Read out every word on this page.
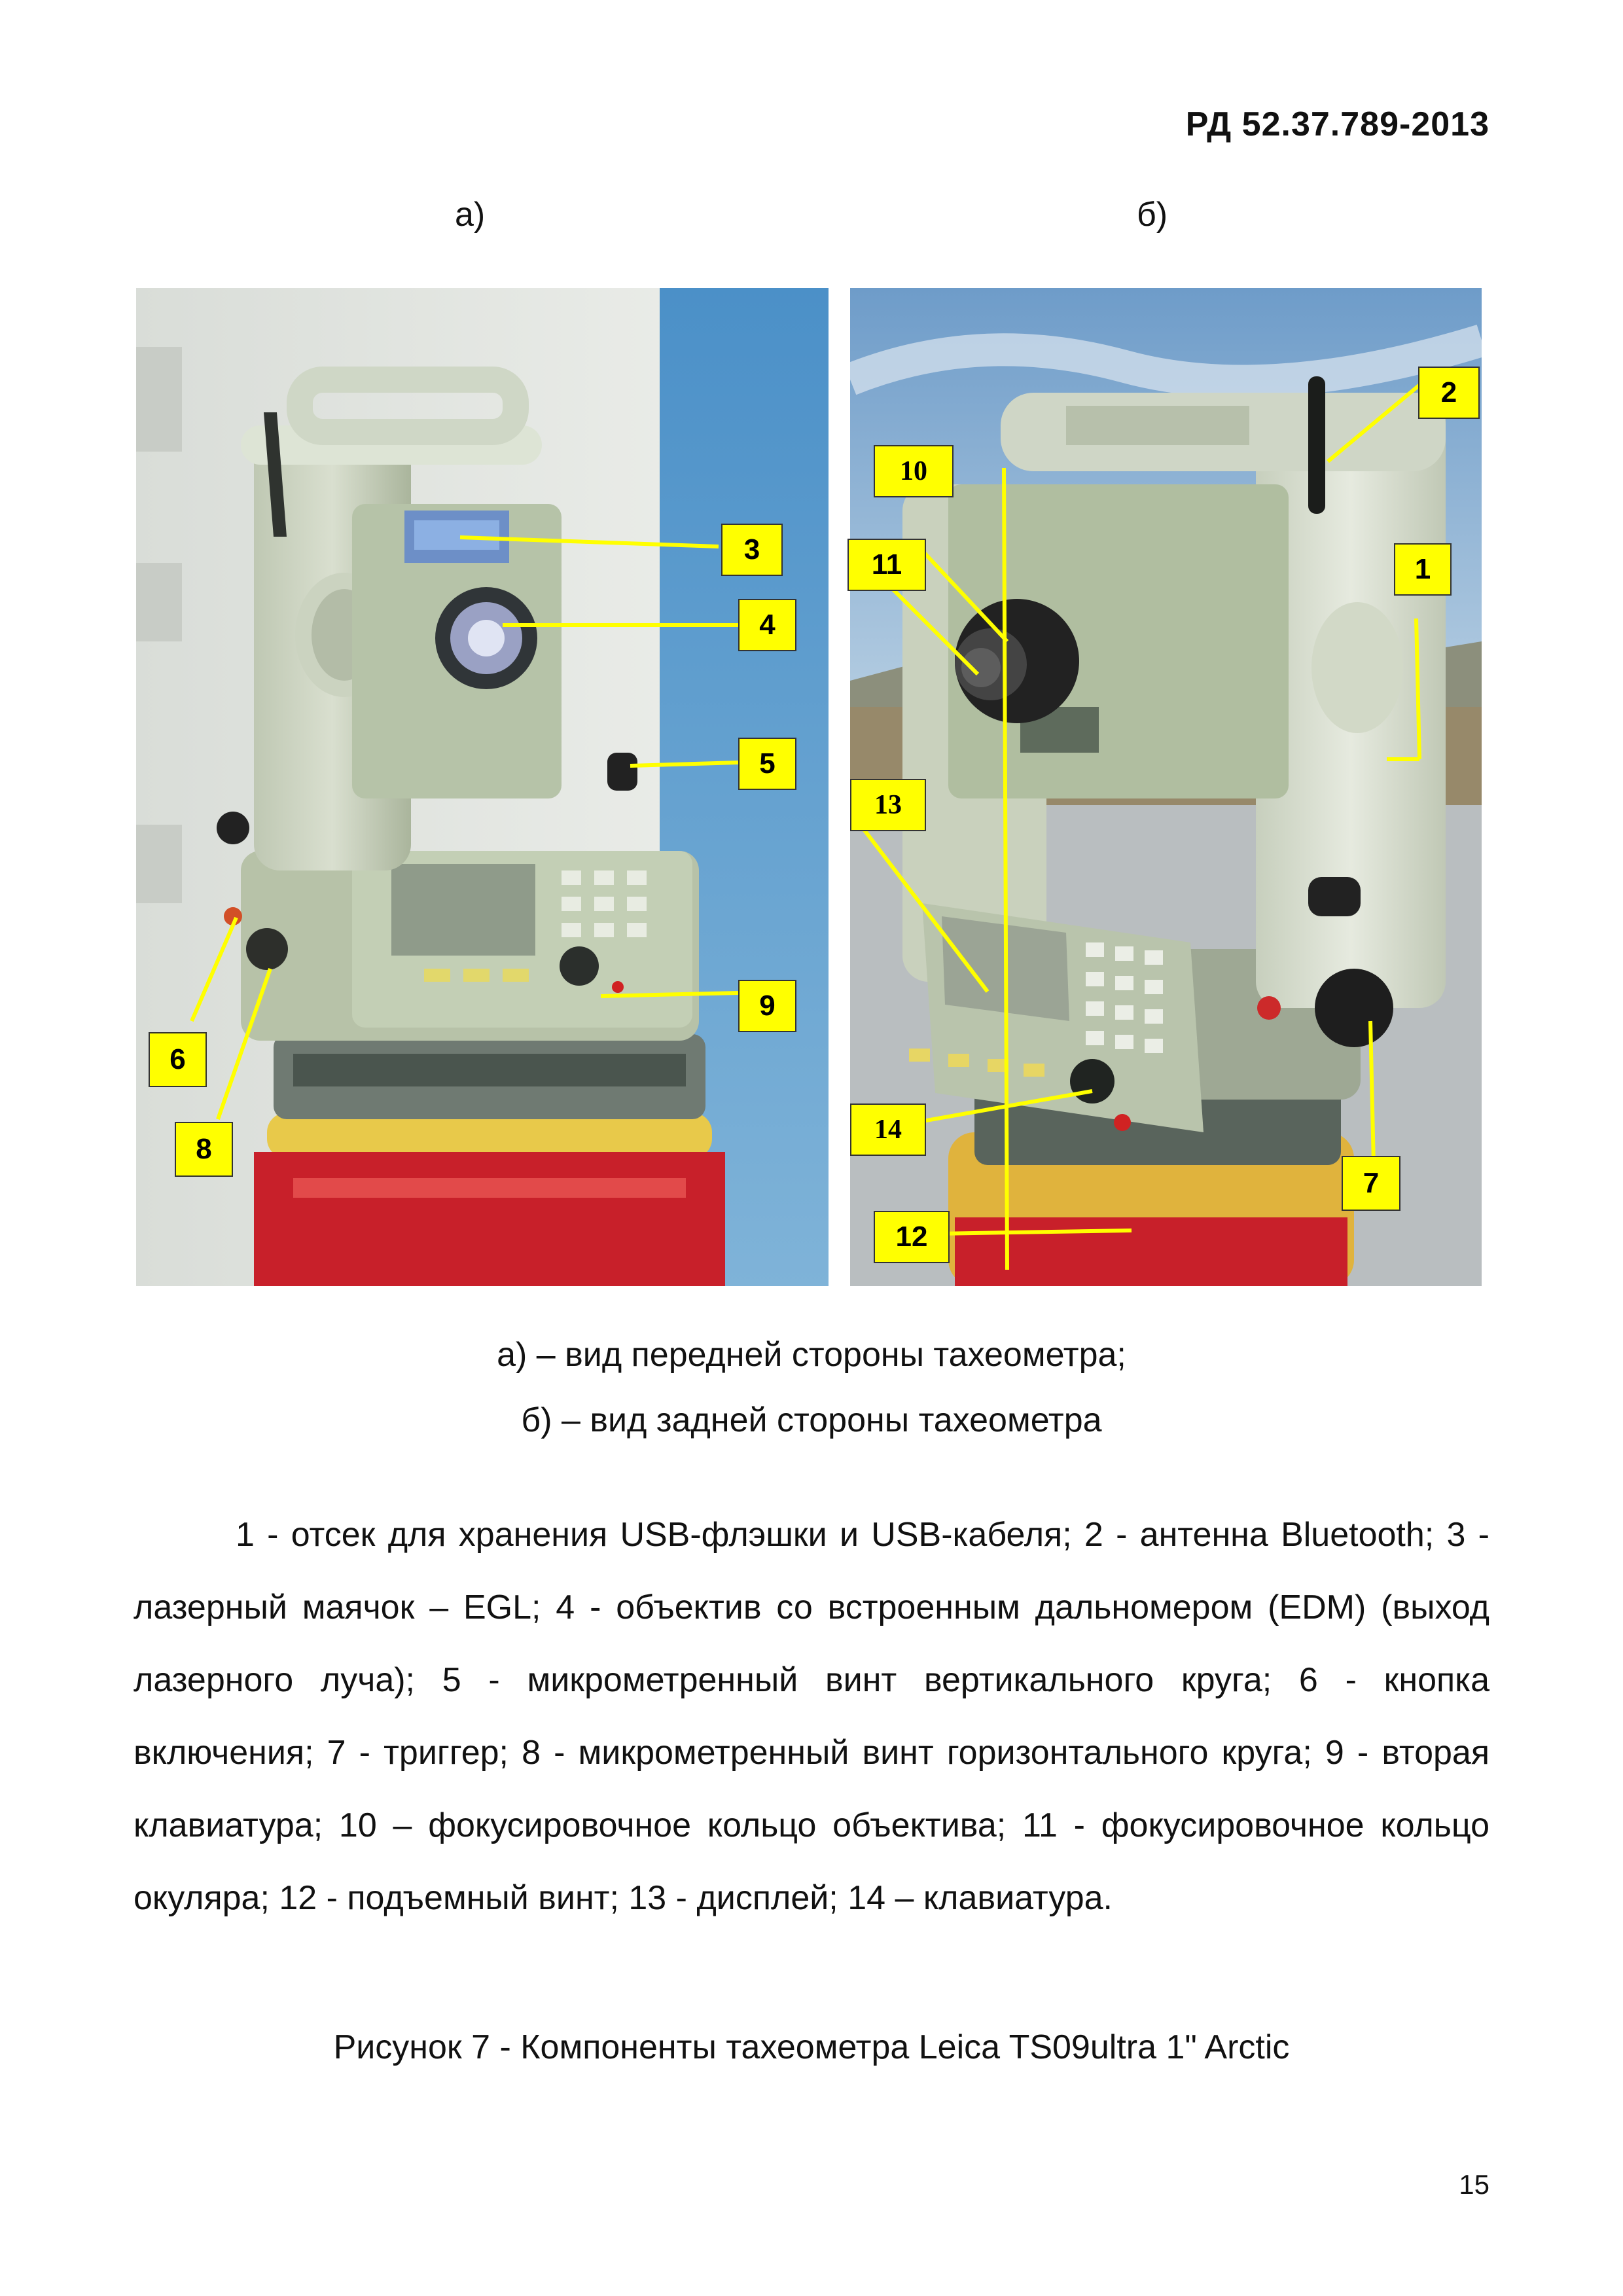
РД 52.37.789-2013
а)	б)
3
4
5
9
6
8
2
10
11	1
13
14
7
12
а) – вид передней стороны тахеометра;
б) – вид задней стороны тахеометра
1 - отсек для хранения USB-флэшки и USB-кабеля; 2 - антенна Bluetooth; 3 - лазерный маячок – EGL; 4 - объектив со встроенным дальномером (EDM) (выход лазерного луча); 5 - микрометренный винт вертикального круга; 6 - кнопка включения; 7 - триггер; 8 - микрометренный винт горизонтального круга; 9 - вторая клавиатура; 10 – фокусировочное кольцо объектива; 11 - фокусировочное кольцо окуляра; 12 - подъемный винт; 13 - дисплей; 14 – клавиатура.
Рисунок 7 - Компоненты тахеометра Leica TS09ultra 1" Arctic
15
